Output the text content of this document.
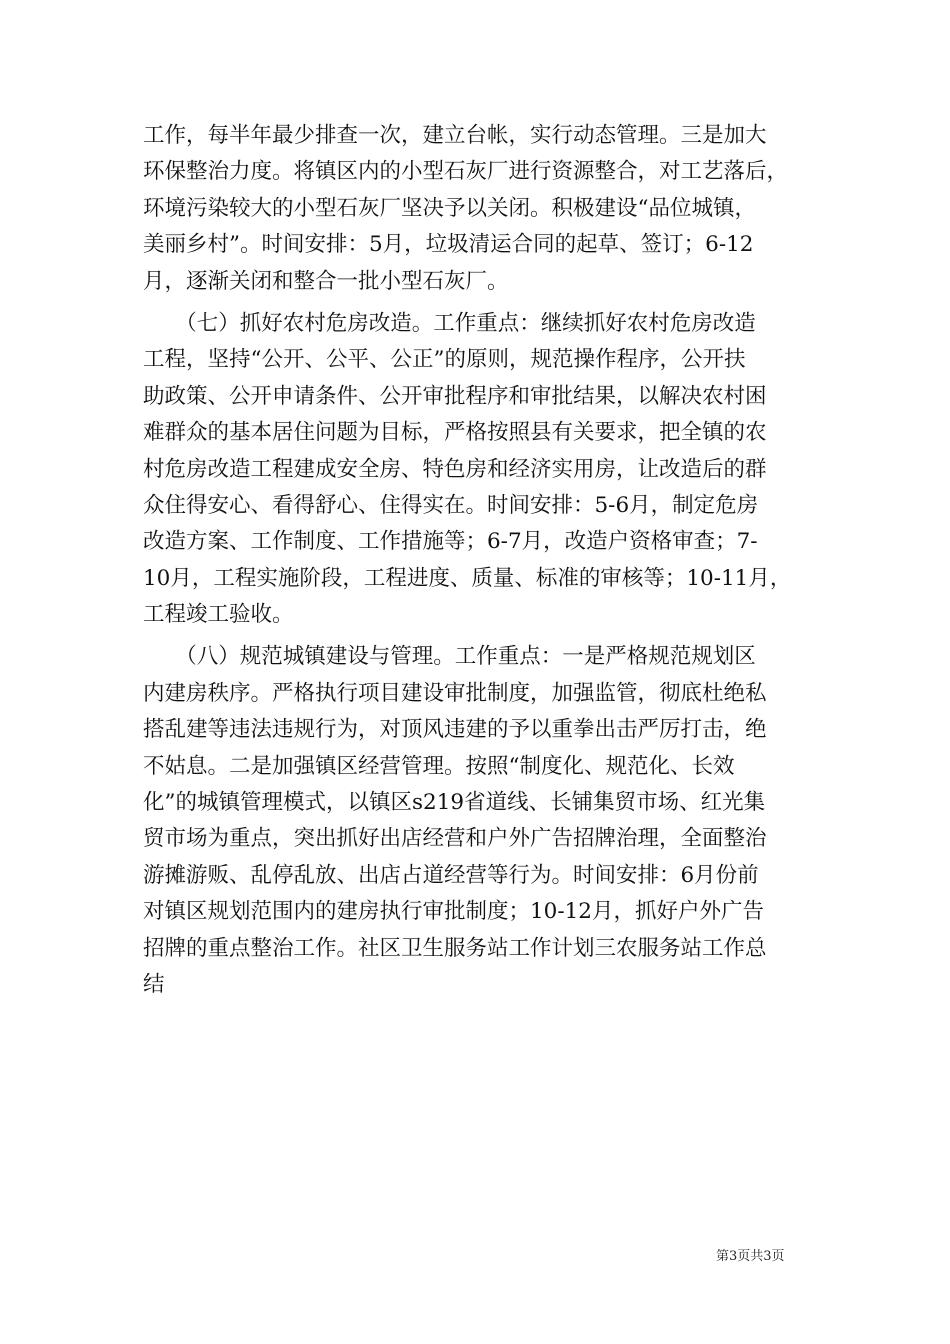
工作，每半年最少排查一次，建立台帐，实行动态管理。三是加大
环保整治力度。将镇区内的小型石灰厂进行资源整合，对工艺落后，
环境污染较大的小型石灰厂坚决予以关闭。积极建设“品位城镇，
美丽乡村”。时间安排：5月，垃圾清运合同的起草、签订；6-12
月，逐渐关闭和整合一批小型石灰厂。
　　（七）抓好农村危房改造。工作重点：继续抓好农村危房改造
工程，坚持“公开、公平、公正”的原则，规范操作程序，公开扶
助政策、公开申请条件、公开审批程序和审批结果，以解决农村困
难群众的基本居住问题为目标，严格按照县有关要求，把全镇的农
村危房改造工程建成安全房、特色房和经济实用房，让改造后的群
众住得安心、看得舒心、住得实在。时间安排：5-6月，制定危房
改造方案、工作制度、工作措施等；6-7月，改造户资格审查；7-
10月，工程实施阶段，工程进度、质量、标准的审核等；10-11月，
工程竣工验收。
　　（八）规范城镇建设与管理。工作重点：一是严格规范规划区
内建房秩序。严格执行项目建设审批制度，加强监管，彻底杜绝私
搭乱建等违法违规行为，对顶风违建的予以重拳出击严厉打击，绝
不姑息。二是加强镇区经营管理。按照“制度化、规范化、长效
化”的城镇管理模式，以镇区s219省道线、长铺集贸市场、红光集
贸市场为重点，突出抓好出店经营和户外广告招牌治理，全面整治
游摊游贩、乱停乱放、出店占道经营等行为。时间安排：6月份前
对镇区规划范围内的建房执行审批制度；10-12月，抓好户外广告
招牌的重点整治工作。社区卫生服务站工作计划三农服务站工作总
结
第3页共3页
